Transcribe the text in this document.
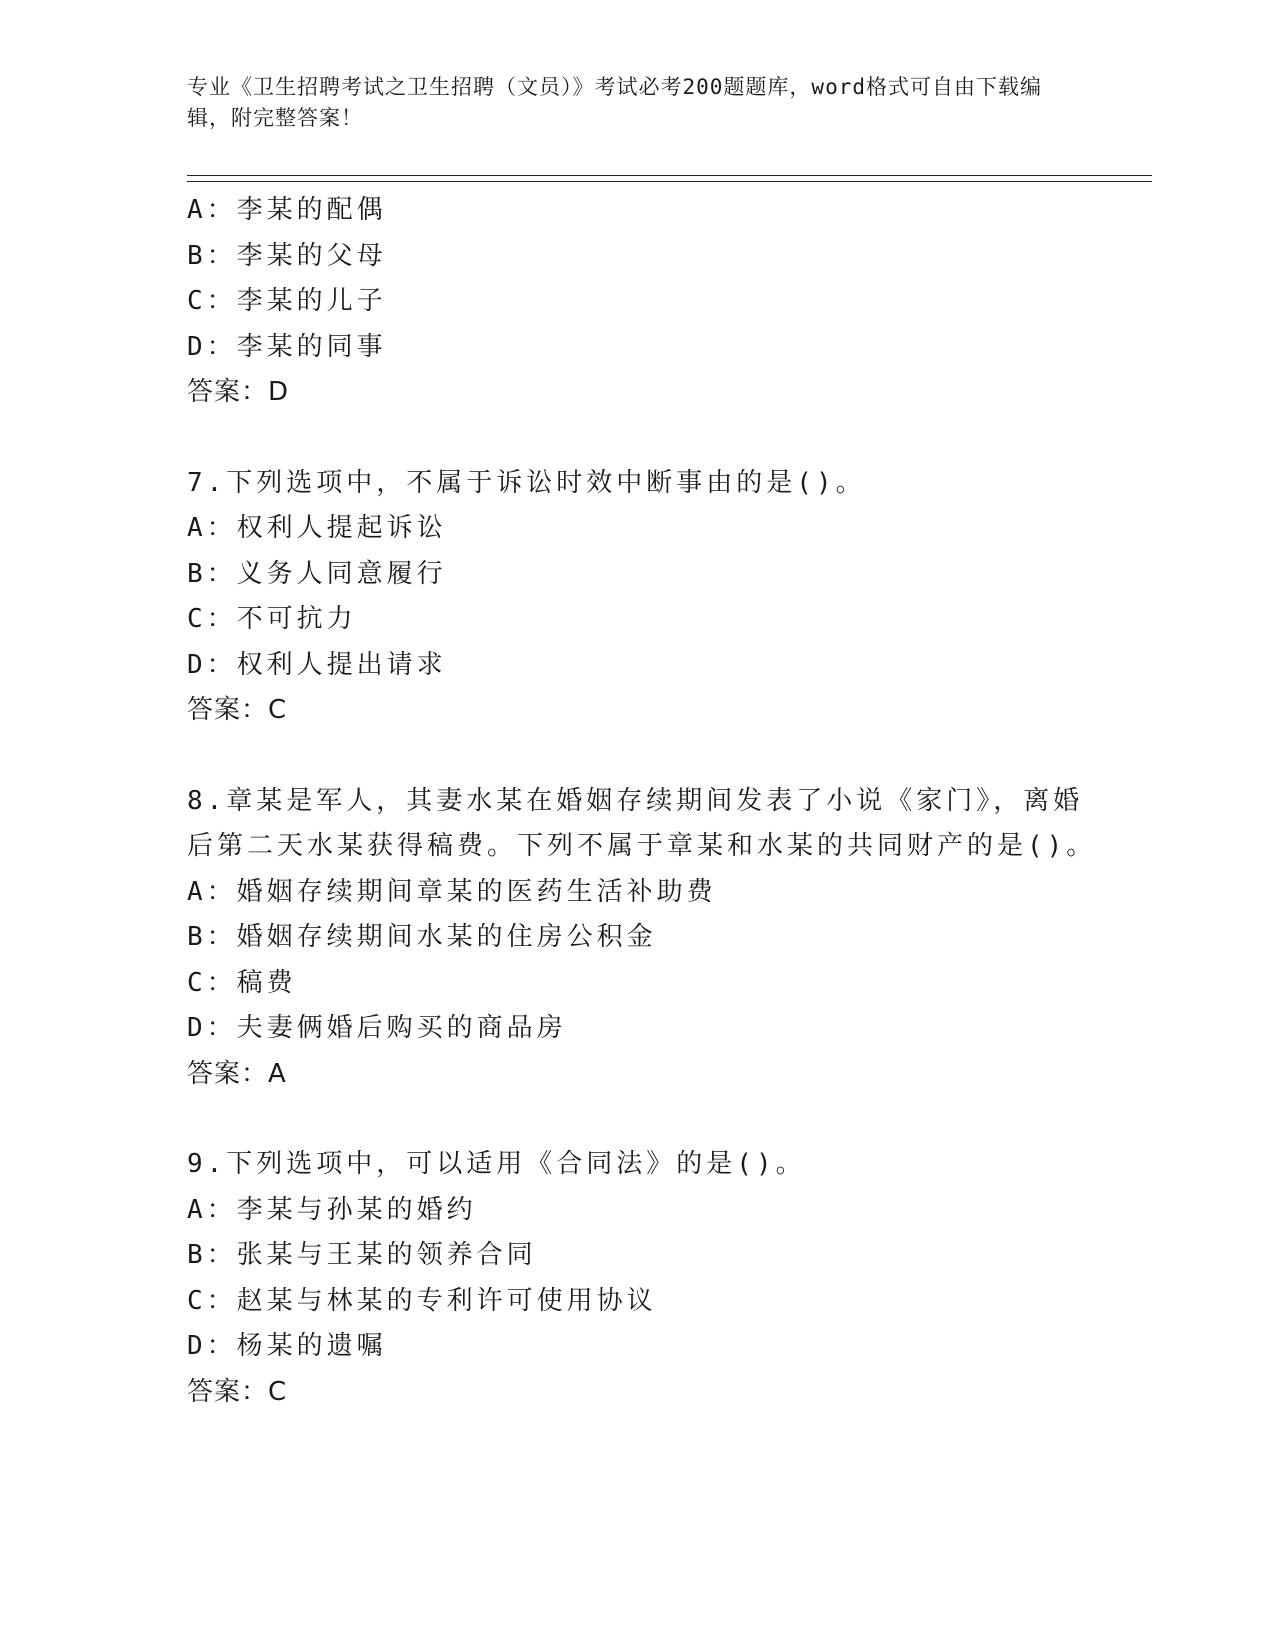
专业《卫生招聘考试之卫生招聘（文员）》考试必考200题题库，word格式可自由下载编辑，附完整答案！
A：李某的配偶
B：李某的父母
C：李某的儿子
D：李某的同事
答案：D
7.下列选项中，不属于诉讼时效中断事由的是()。
A：权利人提起诉讼
B：义务人同意履行
C：不可抗力
D：权利人提出请求
答案：C
8.章某是军人，其妻水某在婚姻存续期间发表了小说《家门》，离婚
后第二天水某获得稿费。下列不属于章某和水某的共同财产的是()。
A：婚姻存续期间章某的医药生活补助费
B：婚姻存续期间水某的住房公积金
C：稿费
D：夫妻俩婚后购买的商品房
答案：A
9.下列选项中，可以适用《合同法》的是()。
A：李某与孙某的婚约
B：张某与王某的领养合同
C：赵某与林某的专利许可使用协议
D：杨某的遗嘱
答案：C
